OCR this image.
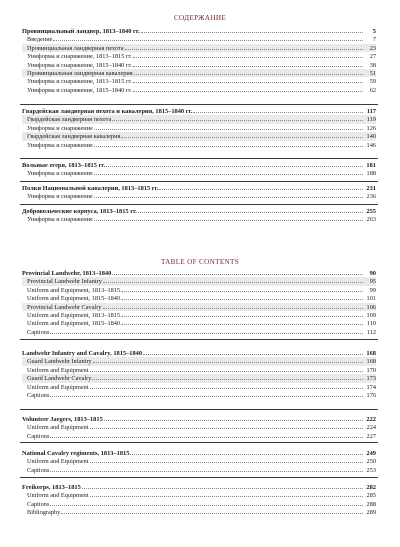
СОДЕРЖАНИЕ
Провинциальный ландвер, 1813–1840 гг.	5
Введение	7
Провинциальная ландверная пехота	23
Униформа и снаряжение, 1813–1815 гг.	27
Униформа и снаряжение, 1815–1840 гг.	38
Провинциальная ландверная кавалерия	51
Униформа и снаряжение, 1813–1815 гг.	59
Униформа и снаряжение, 1815–1840 гг.	62
Гвардейская ландверная пехота и кавалерия, 1815–1840 гг.	117
Гвардейская ландверная пехота	119
Униформа и снаряжение	126
Гвардейская ландверная кавалерия	140
Униформа и снаряжение	146
Вольные егеря, 1813–1815 гг.	181
Униформа и снаряжение	188
Полки Национальной кавалерии, 1813–1815 гг.	231
Униформа и снаряжение	236
Добровольческие корпуса, 1813–1815 гг.	255
Униформа и снаряжение	263
TABLE OF CONTENTS
Provincial Landwehr, 1813–1840	90
Provincial Landwehr Infantry	95
Uniform and Equipment, 1813–1815	99
Uniform and Equipment, 1815–1840	101
Provincial Landwehr Cavalry	106
Uniform and Equipment, 1813–1815	109
Uniform and Equipment, 1815–1840	110
Captions	112
Landwehr Infantry and Cavalry, 1815–1840	168
Guard Landwehr Infantry	168
Uniform and Equipment	170
Guard Landwehr Cavalry	173
Uniform and Equipment	174
Captions	176
Volunteer Jaegers, 1813–1815	222
Uniform and Equipment	224
Captions	227
National Cavalry regiments, 1813–1815	249
Uniform and Equipment	250
Captions	253
Freikorps, 1813–1815	282
Uniform and Equipment	285
Captions	288
Bibliography	289
